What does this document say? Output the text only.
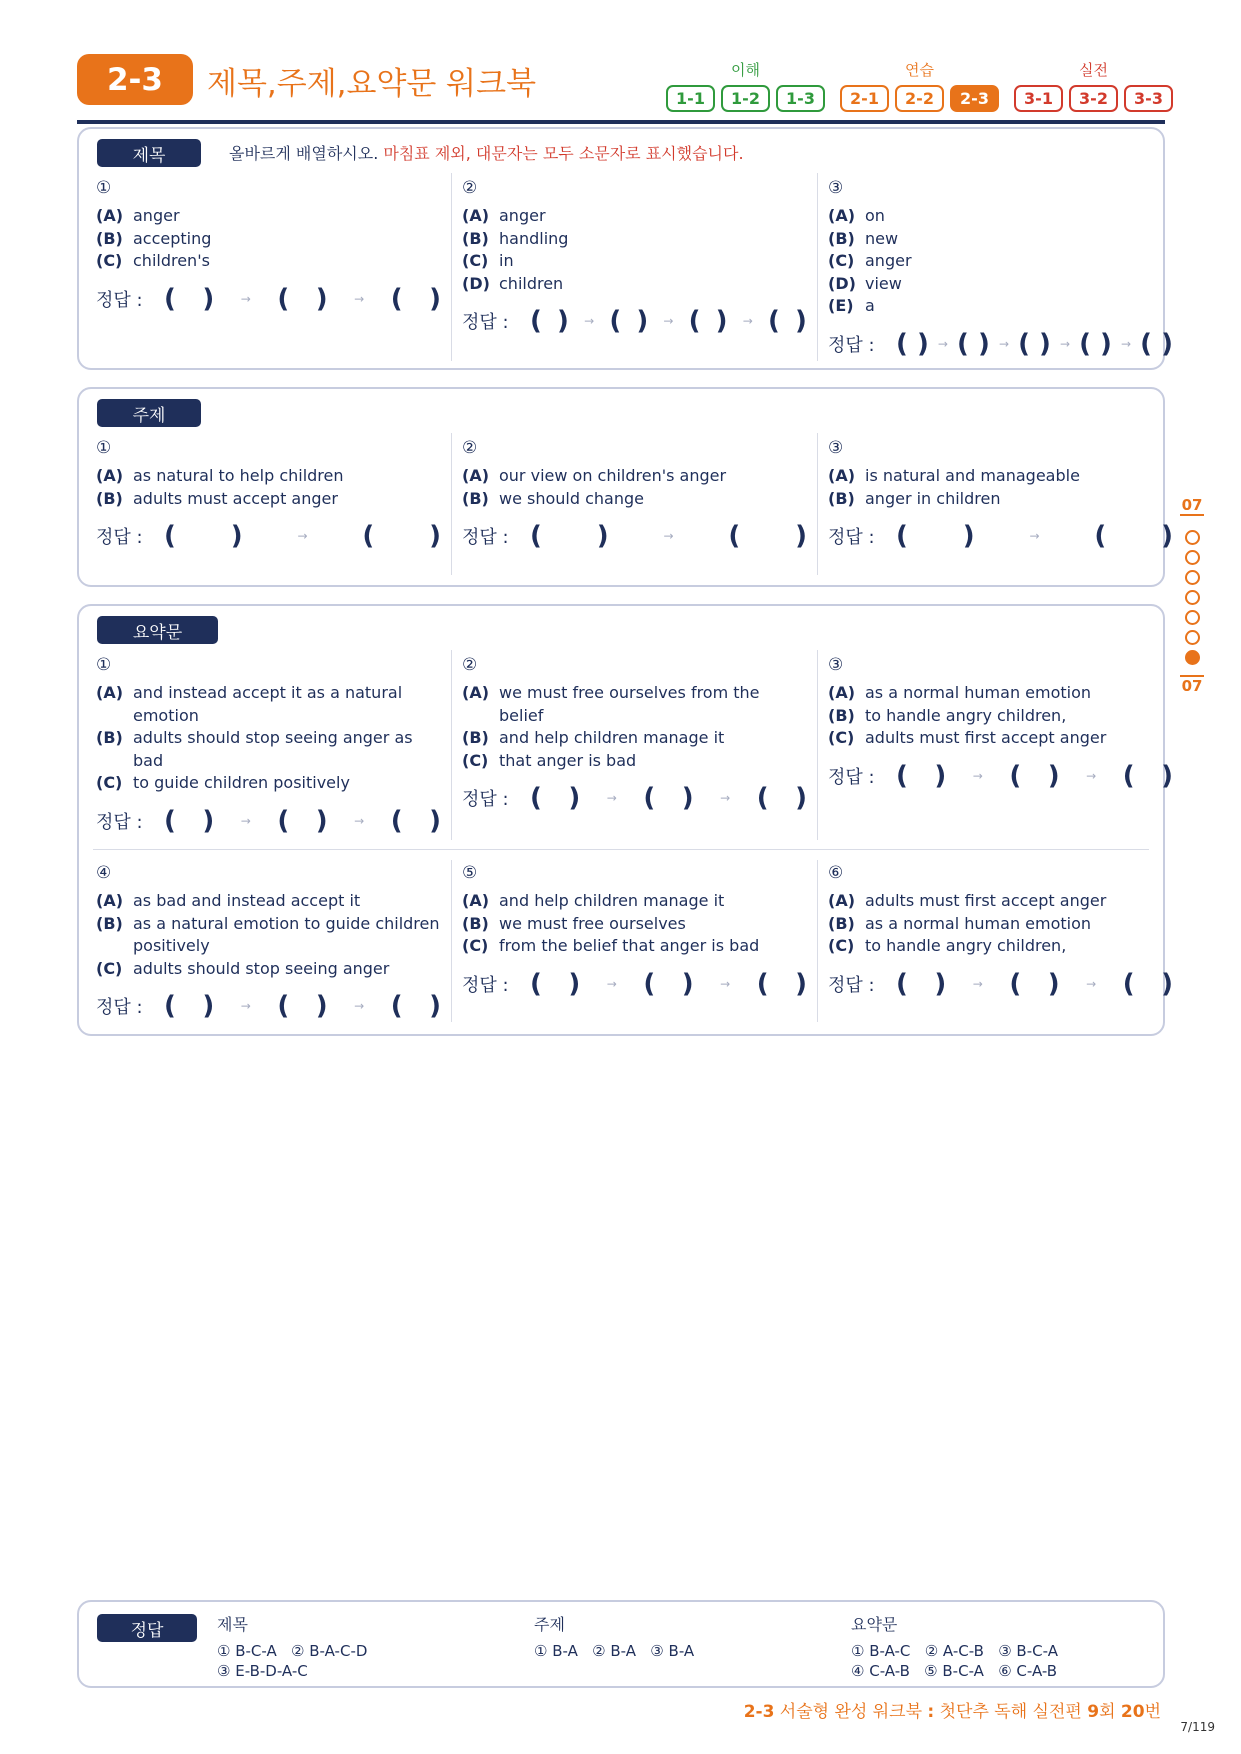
2-3	제목,주제,요약문 워크북	1-1	1-2	1-3
이해
2-1	2-2	2-3
연습
3-1	3-2	3-3
실전
제목	올바르게 배열하시오. 마침표 제외, 대문자는 모두 소문자로 표시했습니다.
①
(A) anger
(B) accepting
(C) children's
정답 : ( ) → ( ) → ( )
②
(A) anger
(B) handling
(C) in
(D) children
정답 : ( ) → ( ) → ( ) → ( )
③
(A) on
(B) new
(C) anger
(D) view
(E) a
정답 : ( ) → ( ) → ( ) → ( ) → ( )
주제
①
(A) as natural to help children
(B) adults must accept anger
정답 : ( )	→ ( )
②
(A) our view on children's anger
(B) we should change
정답 : ( )	→ ( )
③
(A) is natural and manageable
(B) anger in children
정답 : ( )	→ ( )
요약문
①
(A) and instead accept it as a natural emotion
(B) adults should stop seeing anger as bad
(C) to guide children positively
정답 : ( ) → ( ) → ( )
②
(A) we must free ourselves from the belief
(B) and help children manage it
(C) that anger is bad
정답 : ( ) → ( ) → ( )
③
(A) as a normal human emotion
(B) to handle angry children,
(C) adults must first accept anger
정답 : ( ) → ( ) → ( )
④
(A) as bad and instead accept it
(B) as a natural emotion to guide children positively
(C) adults should stop seeing anger
정답 : ( ) → ( ) → ( )
⑤
(A) and help children manage it
(B) we must free ourselves
(C) from the belief that anger is bad
정답 : ( ) → ( ) → ( )
⑥
(A) adults must first accept anger
(B) as a normal human emotion
(C) to handle angry children,
정답 : ( ) → ( ) → ( )
07
07
정답	제목
① B-C-A   ② B-A-C-D
③ E-B-D-A-C
주제
① B-A   ② B-A   ③ B-A
요약문
① B-A-C   ② A-C-B   ③ B-C-A
④ C-A-B   ⑤ B-C-A   ⑥ C-A-B
2-3 서술형 완성 워크북 : 첫단추 독해 실전편 9회 20번
7/119
